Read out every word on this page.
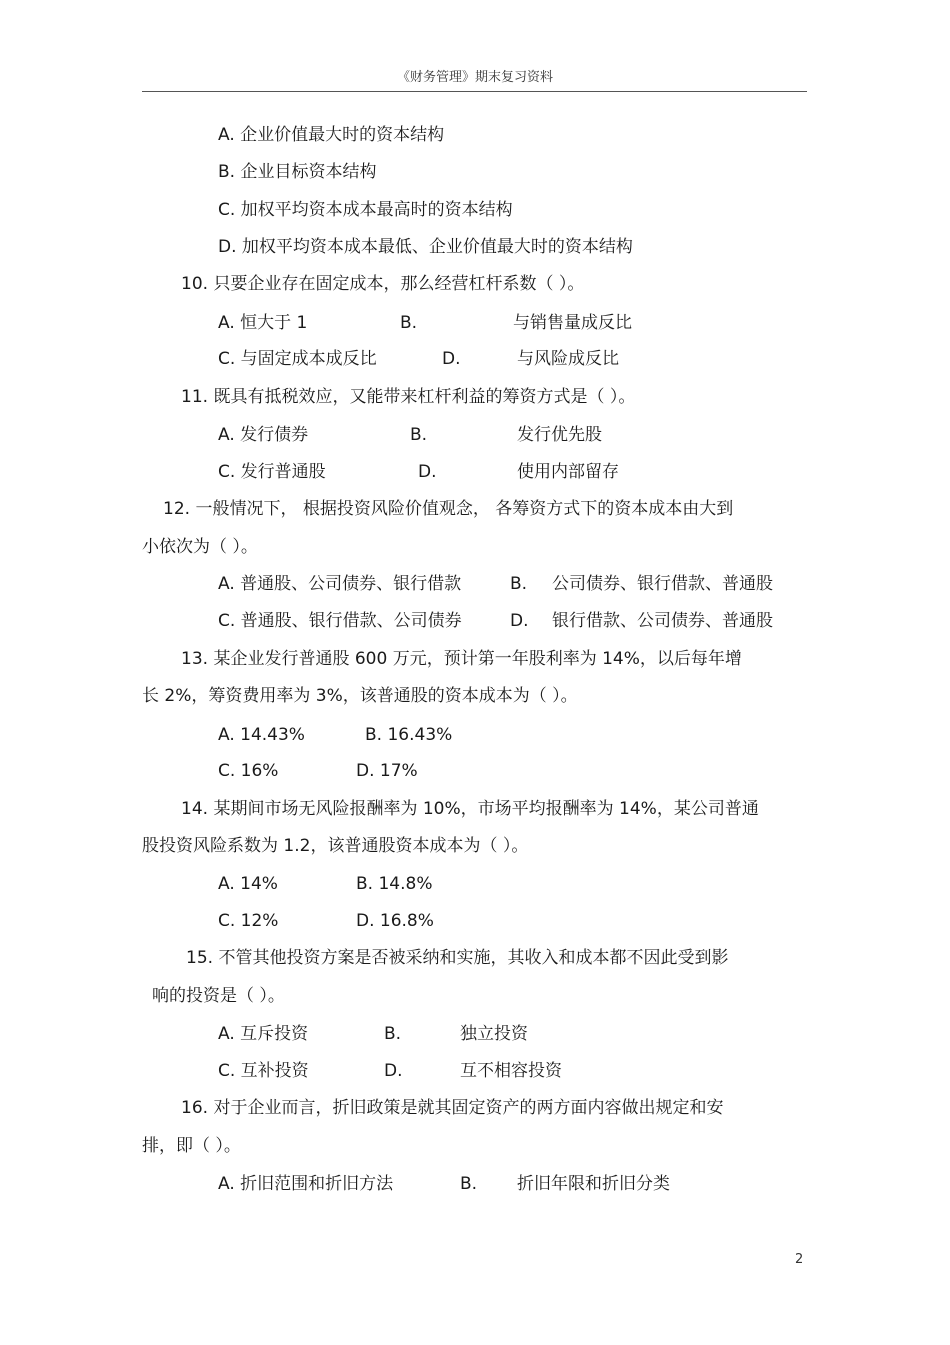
《财务管理》期末复习资料
A. 企业价值最大时的资本结构
B. 企业目标资本结构
C. 加权平均资本成本最高时的资本结构
D. 加权平均资本成本最低、企业价值最大时的资本结构
10. 只要企业存在固定成本，那么经营杠杆系数（ ）。
A. 恒大于 1	B.	与销售量成反比
C. 与固定成本成反比	D.	与风险成反比
11. 既具有抵税效应，又能带来杠杆利益的筹资方式是（ ）。
A. 发行债券	B.	发行优先股
C. 发行普通股	D.	使用内部留存
12. 一般情况下， 根据投资风险价值观念， 各筹资方式下的资本成本由大到
小依次为（ ）。
A. 普通股、公司债券、银行借款	B. 公司债券、银行借款、普通股
C. 普通股、银行借款、公司债券	D. 银行借款、公司债券、普通股
13. 某企业发行普通股 600 万元，预计第一年股利率为 14%，以后每年增
长 2%，筹资费用率为 3%，该普通股的资本成本为（ ）。
A. 14.43%	B. 16.43%
C. 16%	D. 17%
14. 某期间市场无风险报酬率为 10%，市场平均报酬率为 14%，某公司普通
股投资风险系数为 1.2，该普通股资本成本为（ ）。
A. 14%	B. 14.8%
C. 12%	D. 16.8%
15. 不管其他投资方案是否被采纳和实施，其收入和成本都不因此受到影
响的投资是（ ）。
A. 互斥投资	B.	独立投资
C. 互补投资	D.	互不相容投资
16. 对于企业而言，折旧政策是就其固定资产的两方面内容做出规定和安
排，即（ ）。
A. 折旧范围和折旧方法	B. 折旧年限和折旧分类
2
